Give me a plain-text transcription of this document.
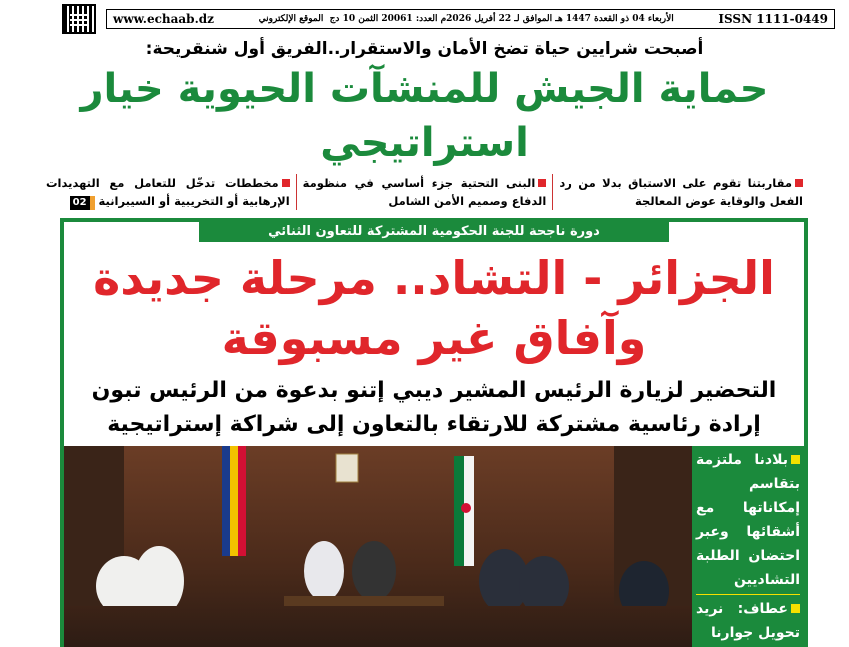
www.echaab.dz	الأربعاء 04 ذو القعدة 1447 هـ الموافق لـ 22 أفريل 2026م العدد: 20061 الثمن 10 دج  الموقع الإلكتروني	ISSN 1111-0449
أصبحت شرايين حياة تضخ الأمان والاستقرار..الفريق أول شنقريحة:
حماية الجيش للمنشآت الحيوية خيار استراتيجي
مقاربتنا تقوم على الاستباق بدلا من رد الفعل والوقاية عوض المعالجة
البنى التحتية جزء أساسي في منظومة الدفاع وصميم الأمن الشامل
مخططات تدخّل للتعامل مع التهديدات الإرهابية أو التخريبية أو السيبرانية02
دورة ناجحة للجنة الحكومية المشتركة للتعاون الثنائي
الجزائر - التشاد.. مرحلة جديدة وآفاق غير مسبوقة
التحضير لزيارة الرئيس المشير ديبي إتنو بدعوة من الرئيس تبون
إرادة رئاسية مشتركة للارتقاء بالتعاون إلى شراكة إستراتيجية
بلادنا ملتزمة بتقاسم إمكاناتها مع أشقائها وعبر احتضان الطلبة التشاديين
عطاف: نريد تحويل جوارنا
